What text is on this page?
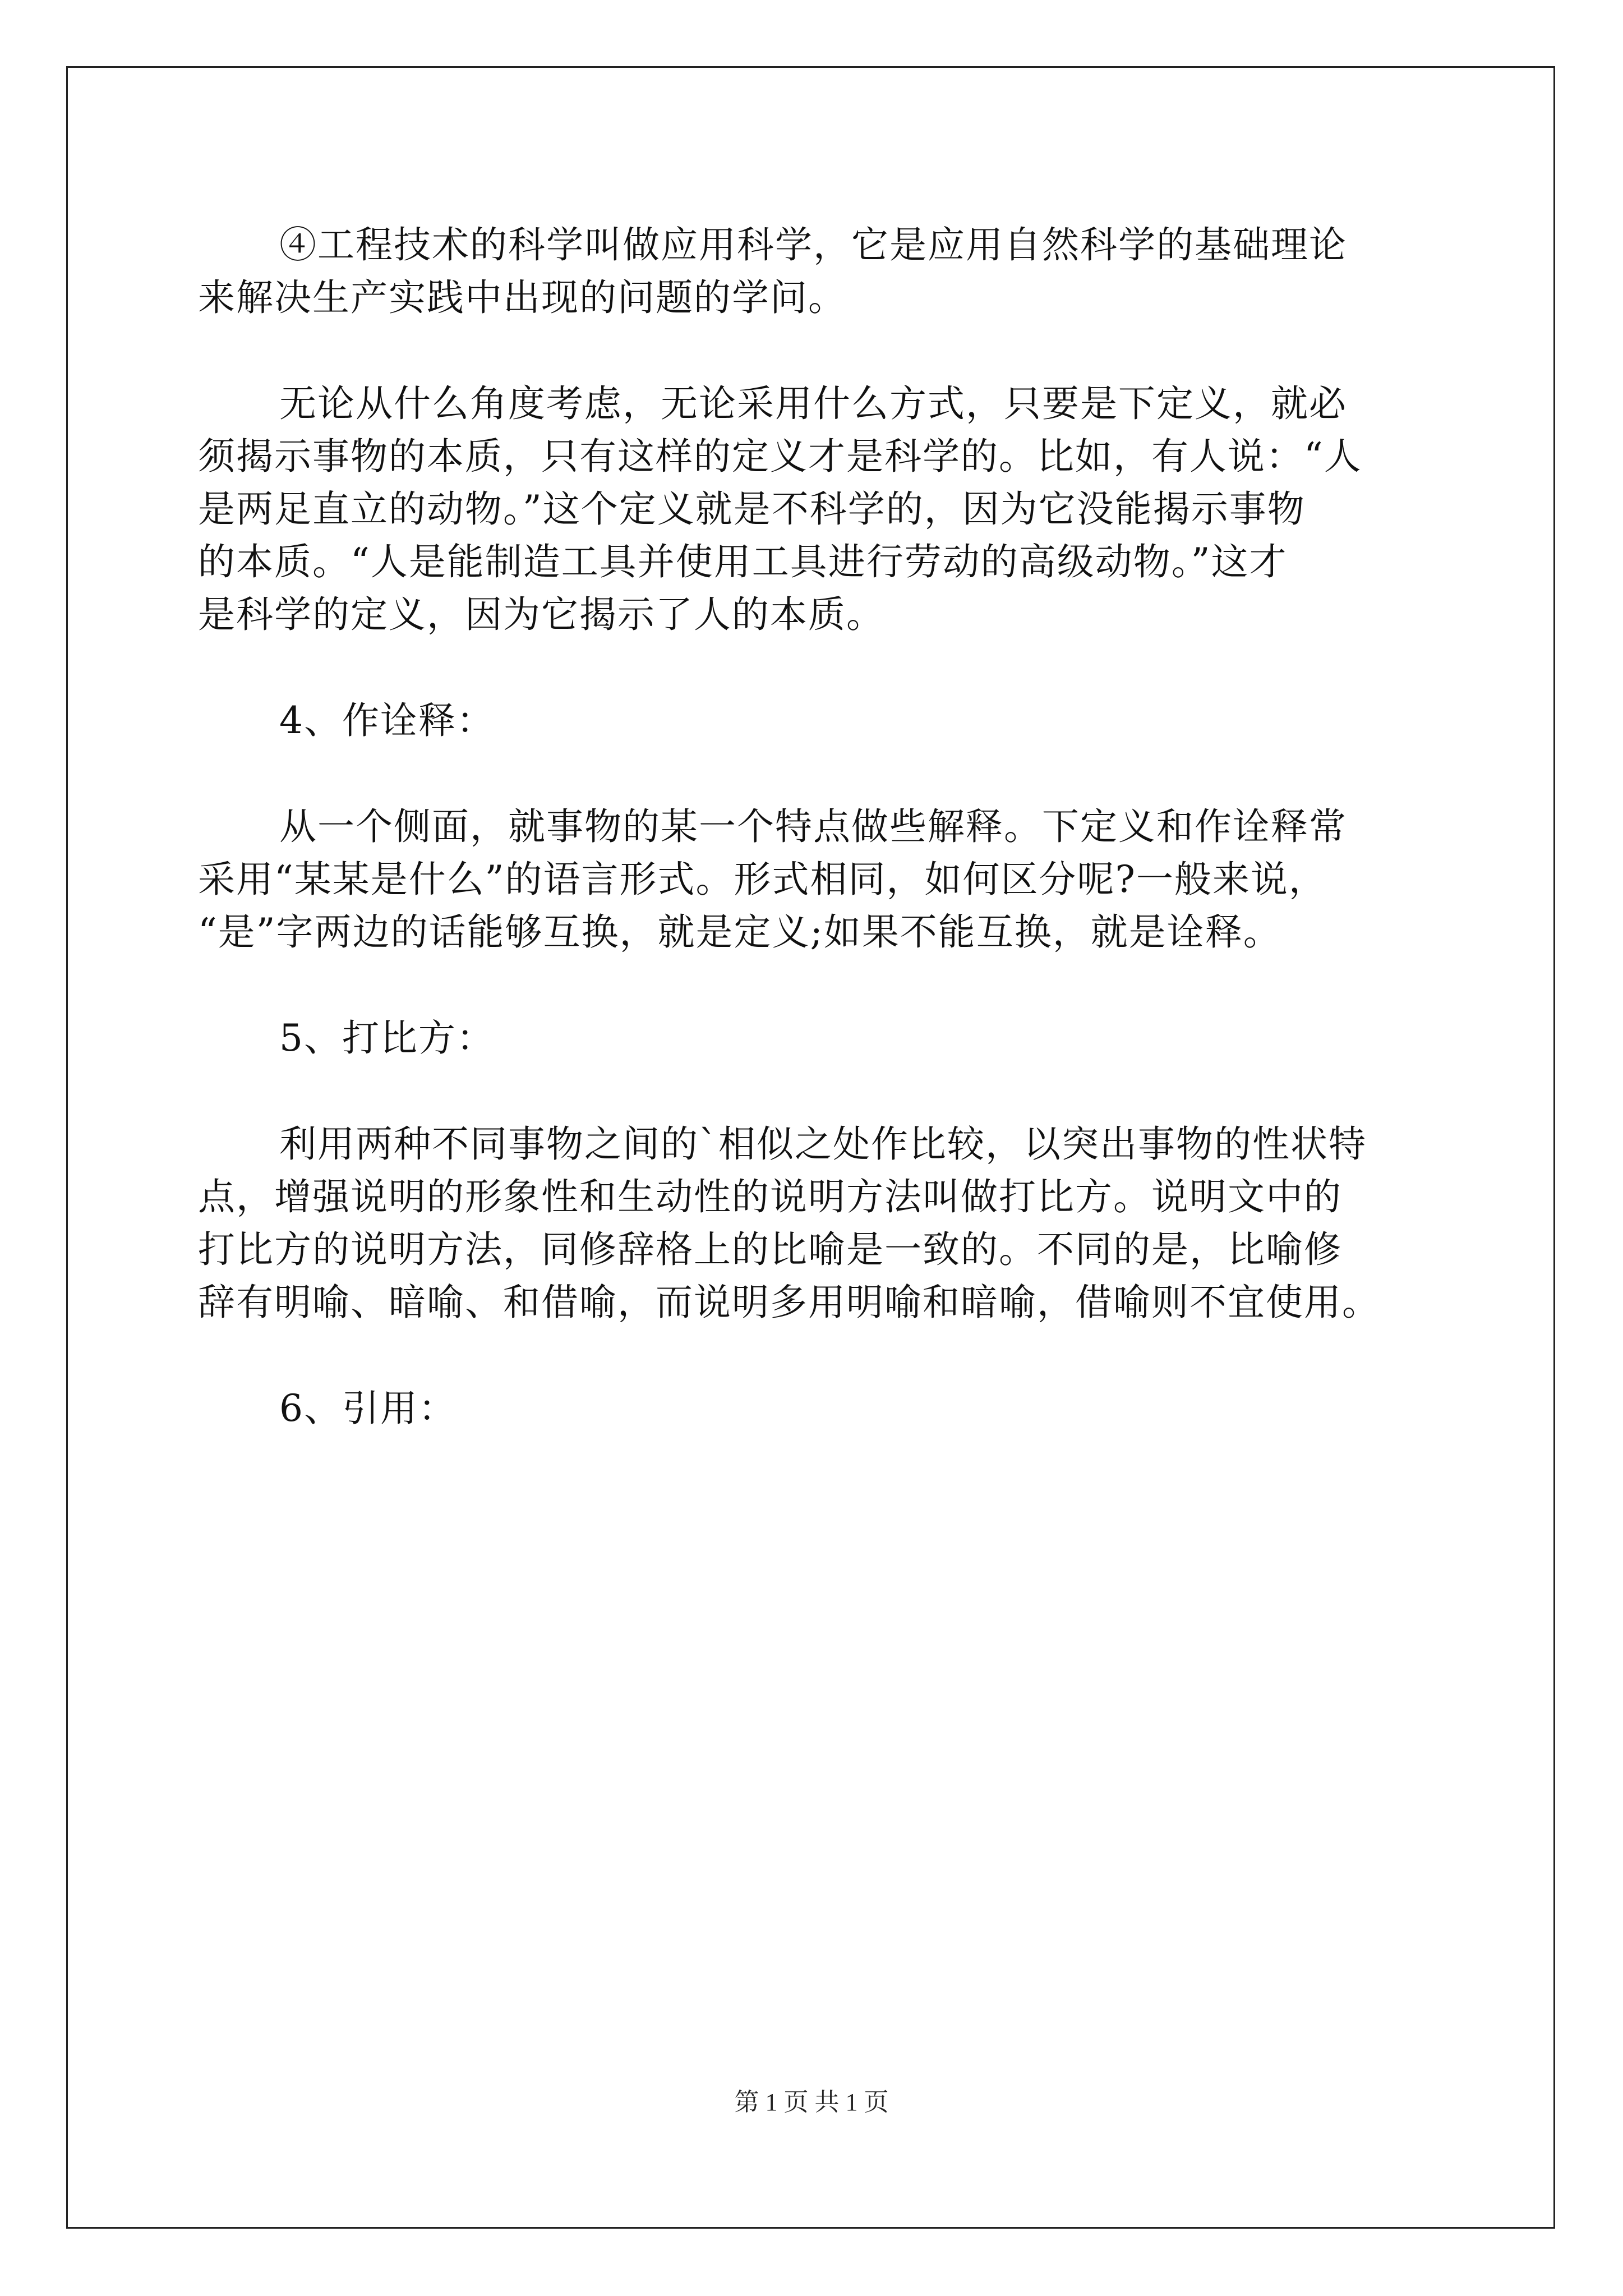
④工程技术的科学叫做应用科学，它是应用自然科学的基础理论

来解决生产实践中出现的问题的学问。

无论从什么角度考虑，无论采用什么方式，只要是下定义，就必

须揭示事物的本质，只有这样的定义才是科学的。比如，有人说：“人

是两足直立的动物。”这个定义就是不科学的，因为它没能揭示事物

的本质。“人是能制造工具并使用工具进行劳动的高级动物。”这才

是科学的定义，因为它揭示了人的本质。

4、作诠释：

从一个侧面，就事物的某一个特点做些解释。下定义和作诠释常

采用“某某是什么”的语言形式。形式相同，如何区分呢?一般来说，

“是”字两边的话能够互换，就是定义;如果不能互换，就是诠释。

5、打比方：

利用两种不同事物之间的`相似之处作比较，以突出事物的性状特

点，增强说明的形象性和生动性的说明方法叫做打比方。说明文中的

打比方的说明方法，同修辞格上的比喻是一致的。不同的是，比喻修

辞有明喻、暗喻、和借喻，而说明多用明喻和暗喻，借喻则不宜使用。

6、引用：

第 1 页 共 1 页
